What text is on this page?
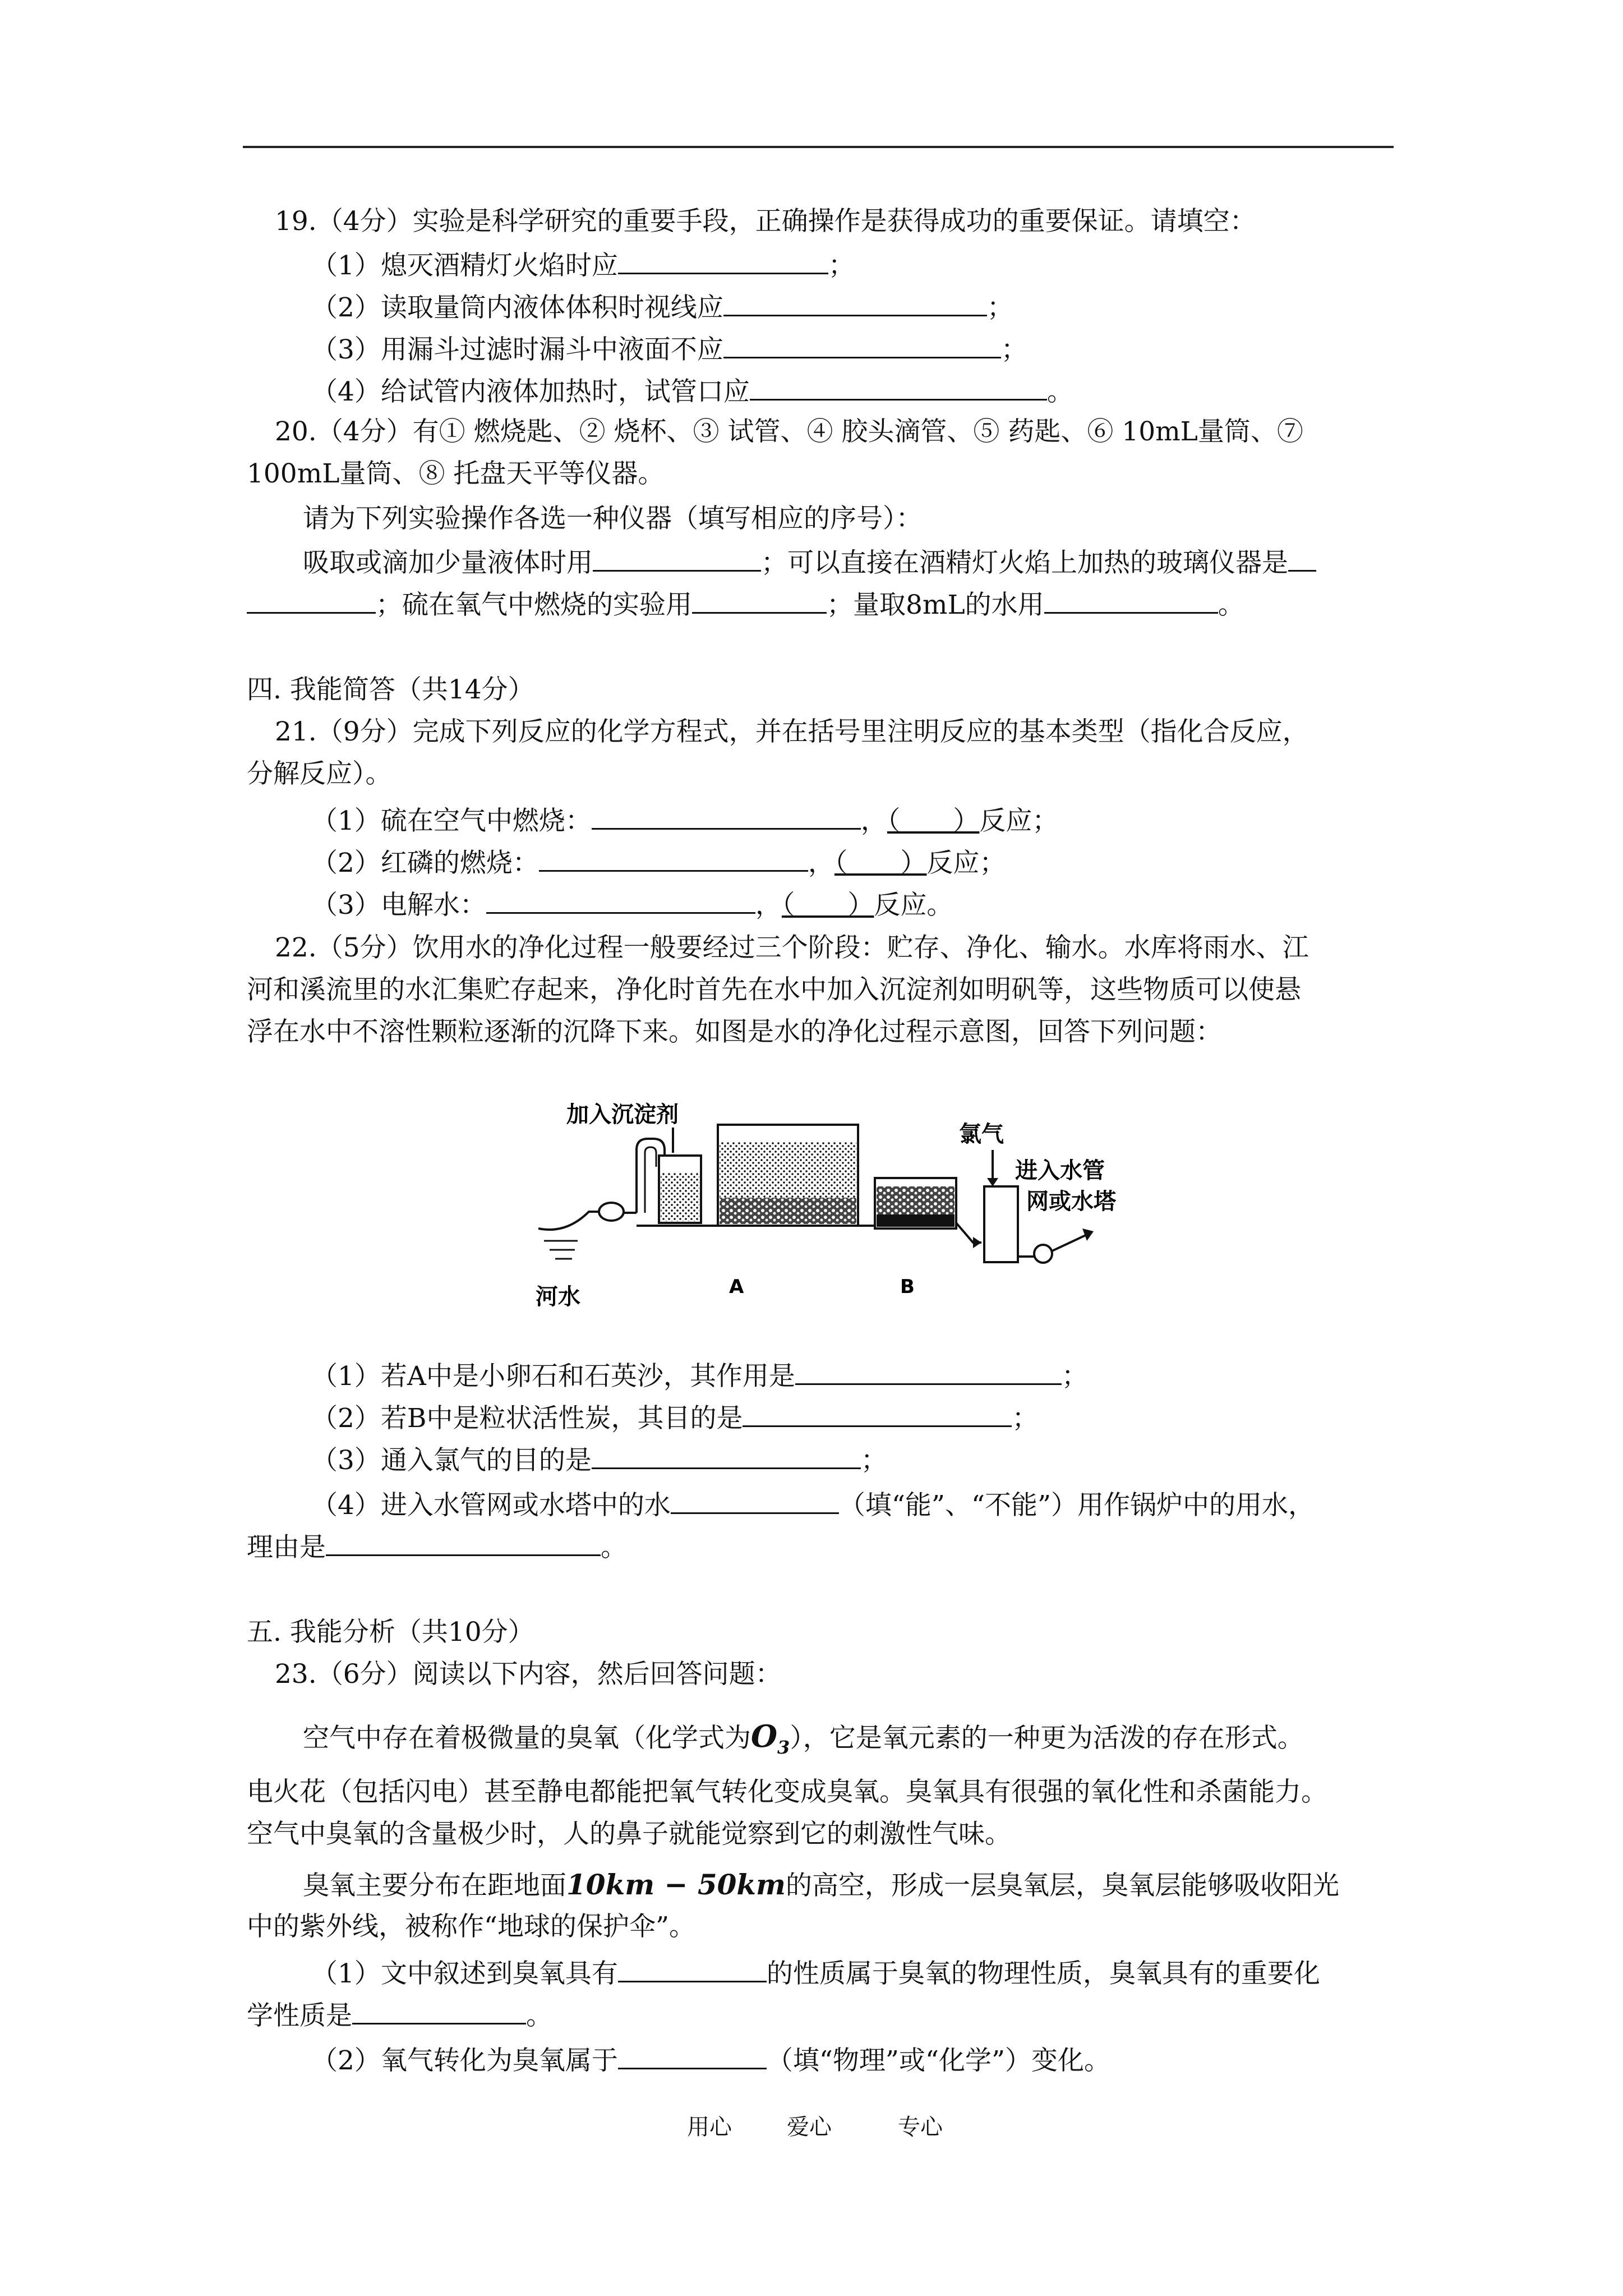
19.（4分）实验是科学研究的重要手段，正确操作是获得成功的重要保证。请填空：
（1）熄灭酒精灯火焰时应	；
（2）读取量筒内液体体积时视线应	；
（3）用漏斗过滤时漏斗中液面不应	；
（4）给试管内液体加热时，试管口应	。
20.（4分）有① 燃烧匙、② 烧杯、③ 试管、④ 胶头滴管、⑤ 药匙、⑥ 10mL量筒、⑦
100mL量筒、⑧ 托盘天平等仪器。
请为下列实验操作各选一种仪器（填写相应的序号）：
吸取或滴加少量液体时用	；可以直接在酒精灯火焰上加热的玻璃仪器是
；硫在氧气中燃烧的实验用	；量取8mL的水用	。
四. 我能简答（共14分）
21.（9分）完成下列反应的化学方程式，并在括号里注明反应的基本类型（指化合反应，
分解反应）。
（1）硫在空气中燃烧：	，（　　）反应；
（2）红磷的燃烧：	，（　　）反应；
（3）电解水：	，（　　）反应。
22.（5分）饮用水的净化过程一般要经过三个阶段：贮存、净化、输水。水库将雨水、江
河和溪流里的水汇集贮存起来，净化时首先在水中加入沉淀剂如明矾等，这些物质可以使悬
浮在水中不溶性颗粒逐渐的沉降下来。如图是水的净化过程示意图，回答下列问题：
河水
加入沉淀剂
A	B
氯气
进入水管
网或水塔
（1）若A中是小卵石和石英沙，其作用是	；
（2）若B中是粒状活性炭，其目的是	；
（3）通入氯气的目的是	；
（4）进入水管网或水塔中的水	（填“能”、“不能”）用作锅炉中的用水，
理由是	。
五. 我能分析（共10分）
23.（6分）阅读以下内容，然后回答问题：
空气中存在着极微量的臭氧（化学式为$O_3$），它是氧元素的一种更为活泼的存在形式。
电火花（包括闪电）甚至静电都能把氧气转化变成臭氧。臭氧具有很强的氧化性和杀菌能力。
空气中臭氧的含量极少时，人的鼻子就能觉察到它的刺激性气味。
臭氧主要分布在距地面10km − 50km的高空，形成一层臭氧层，臭氧层能够吸收阳光
中的紫外线，被称作“地球的保护伞”。
（1）文中叙述到臭氧具有	的性质属于臭氧的物理性质，臭氧具有的重要化
学性质是	。
（2）氧气转化为臭氧属于	（填“物理”或“化学”）变化。
用心 爱心	专心
